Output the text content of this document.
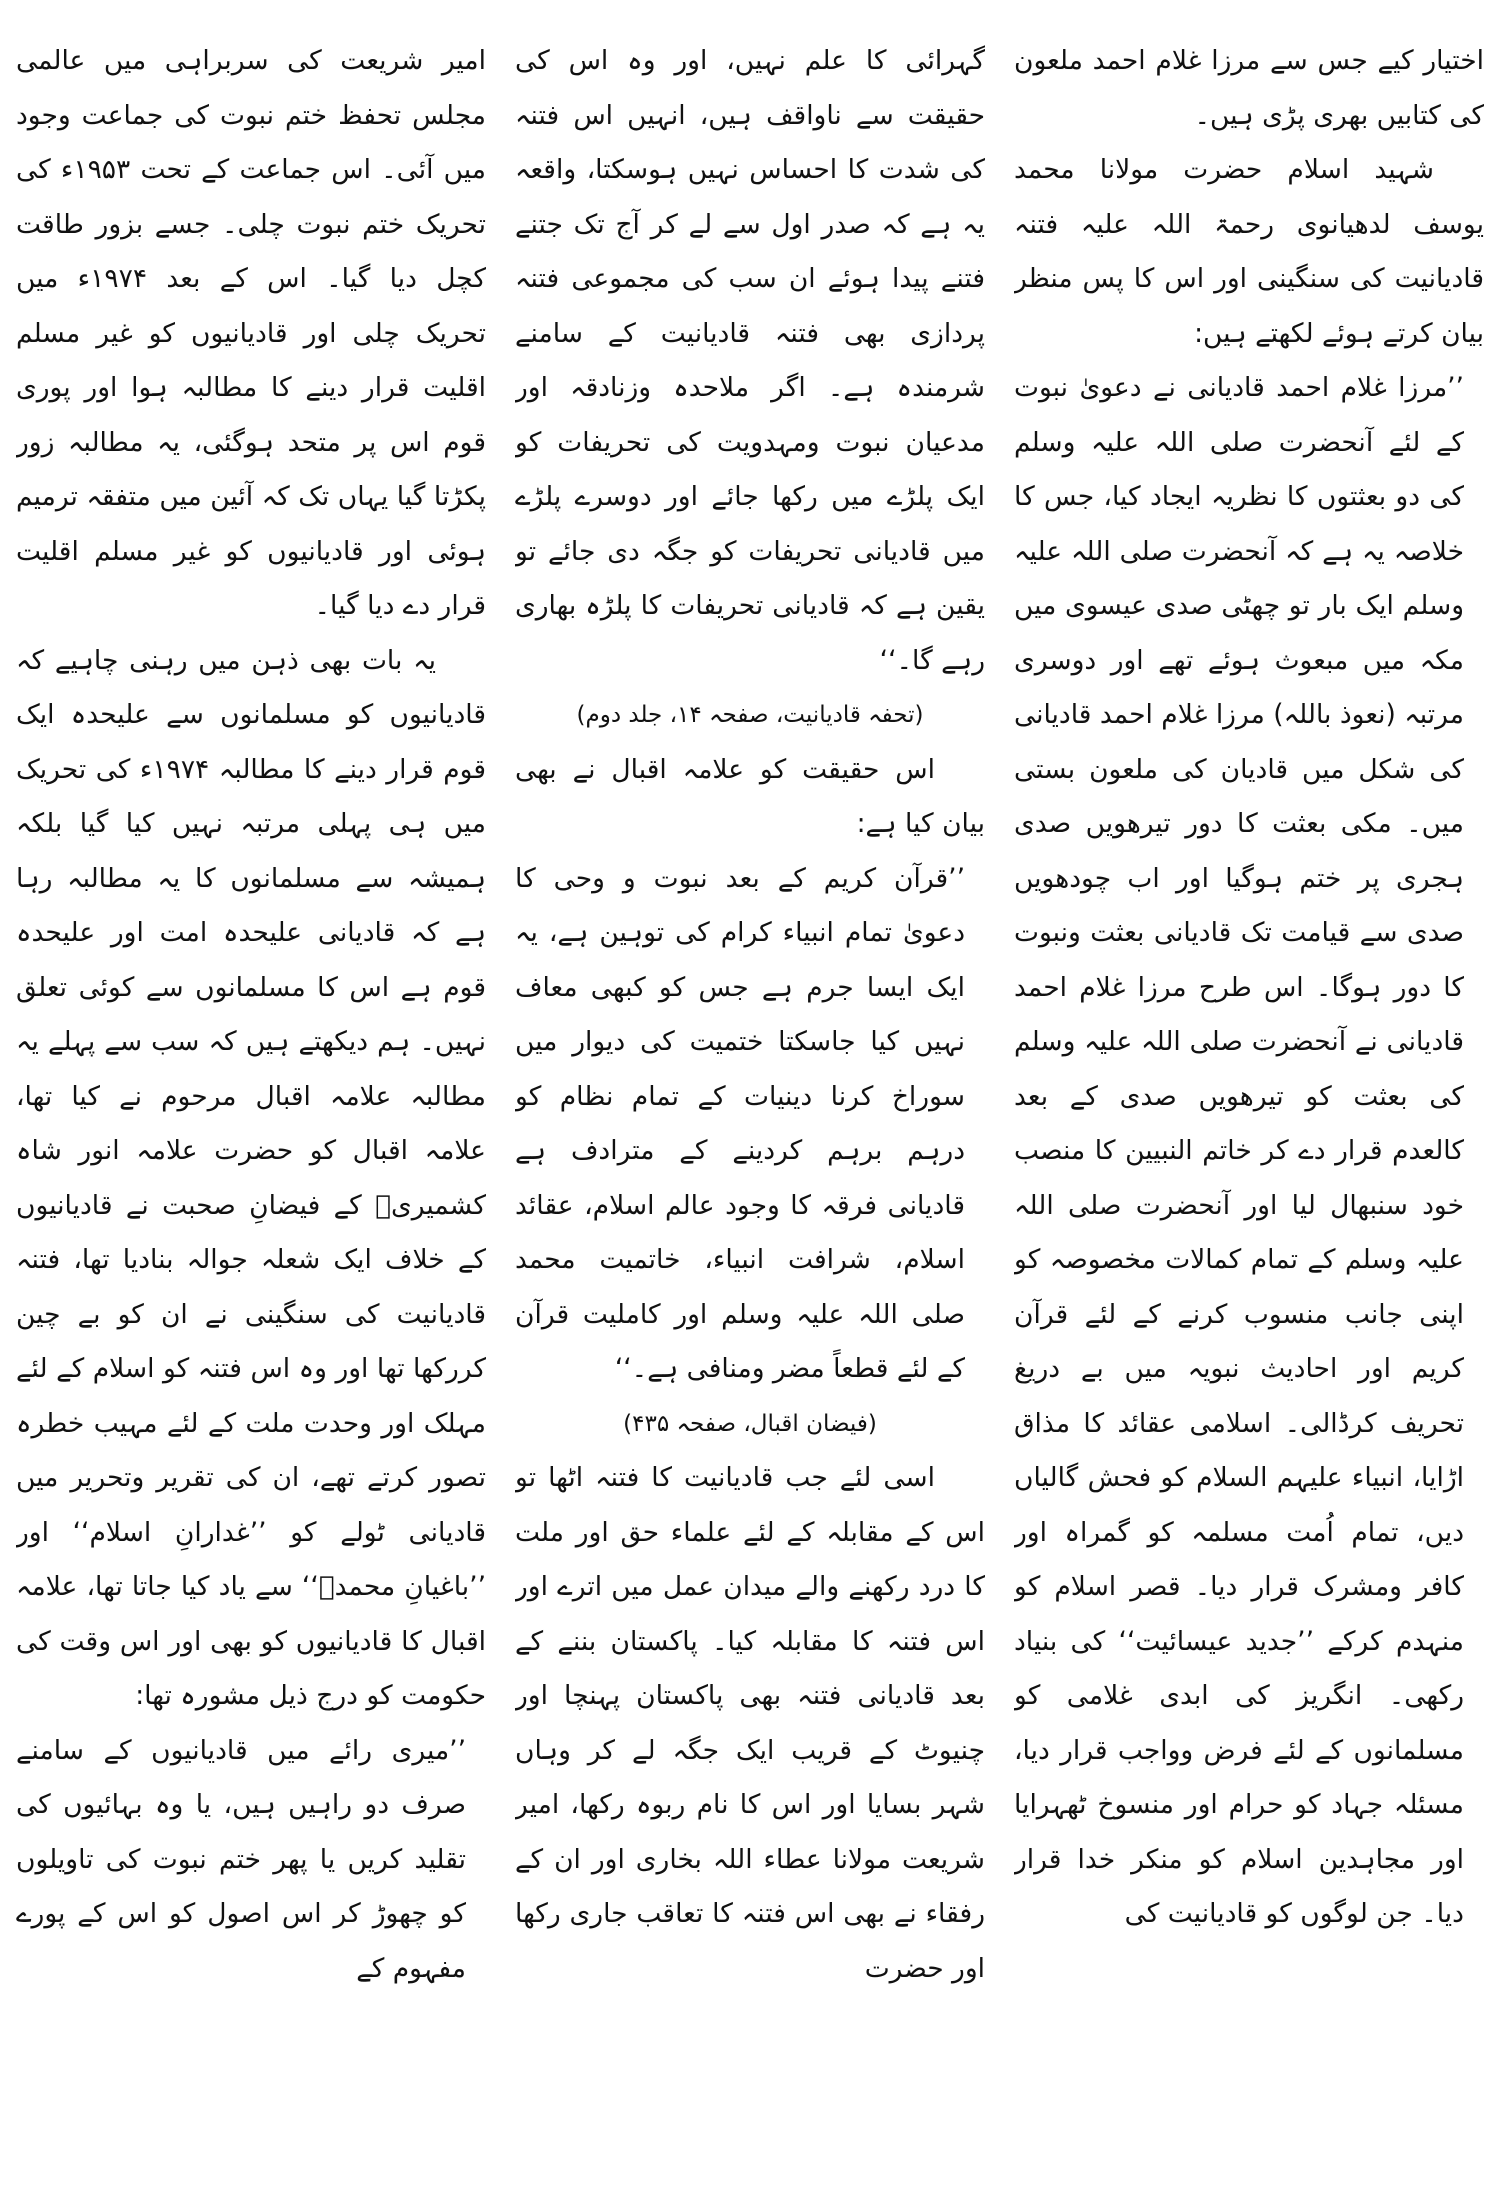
اختیار کیے جس سے مرزا غلام احمد ملعون کی کتابیں بھری پڑی ہیں۔

شہید اسلام حضرت مولانا محمد یوسف لدھیانوی رحمۃ اللہ علیہ فتنہ قادیانیت کی سنگینی اور اس کا پس منظر بیان کرتے ہوئے لکھتے ہیں:

’’مرزا غلام احمد قادیانی نے دعویٰ نبوت کے لئے آنحضرت صلی اللہ علیہ وسلم کی دو بعثتوں کا نظریہ ایجاد کیا، جس کا خلاصہ یہ ہے کہ آنحضرت صلی اللہ علیہ وسلم ایک بار تو چھٹی صدی عیسوی میں مکہ میں مبعوث ہوئے تھے اور دوسری مرتبہ (نعوذ باللہ) مرزا غلام احمد قادیانی کی شکل میں قادیان کی ملعون بستی میں۔ مکی بعثت کا دور تیرھویں صدی ہجری پر ختم ہوگیا اور اب چودھویں صدی سے قیامت تک قادیانی بعثت ونبوت کا دور ہوگا۔ اس طرح مرزا غلام احمد قادیانی نے آنحضرت صلی اللہ علیہ وسلم کی بعثت کو تیرھویں صدی کے بعد کالعدم قرار دے کر خاتم النبیین کا منصب خود سنبھال لیا اور آنحضرت صلی اللہ علیہ وسلم کے تمام کمالات مخصوصہ کو اپنی جانب منسوب کرنے کے لئے قرآن کریم اور احادیث نبویہ میں بے دریغ تحریف کرڈالی۔ اسلامی عقائد کا مذاق اڑایا، انبیاء علیہم السلام کو فحش گالیاں دیں، تمام اُمت مسلمہ کو گمراہ اور کافر ومشرک قرار دیا۔ قصر اسلام کو منہدم کرکے ’’جدید عیسائیت‘‘ کی بنیاد رکھی۔ انگریز کی ابدی غلامی کو مسلمانوں کے لئے فرض وواجب قرار دیا، مسئلہ جہاد کو حرام اور منسوخ ٹھہرایا اور مجاہدین اسلام کو منکر خدا قرار دیا۔ جن لوگوں کو قادیانیت کی

گہرائی کا علم نہیں، اور وہ اس کی حقیقت سے ناواقف ہیں، انہیں اس فتنہ کی شدت کا احساس نہیں ہوسکتا، واقعہ یہ ہے کہ صدر اول سے لے کر آج تک جتنے فتنے پیدا ہوئے ان سب کی مجموعی فتنہ پردازی بھی فتنہ قادیانیت کے سامنے شرمندہ ہے۔ اگر ملاحدہ وزنادقہ اور مدعیان نبوت ومہدویت کی تحریفات کو ایک پلڑے میں رکھا جائے اور دوسرے پلڑے میں قادیانی تحریفات کو جگہ دی جائے تو یقین ہے کہ قادیانی تحریفات کا پلڑہ بھاری رہے گا۔‘‘

(تحفہ قادیانیت، صفحہ ۱۴، جلد دوم)

اس حقیقت کو علامہ اقبال نے بھی بیان کیا ہے:

’’قرآن کریم کے بعد نبوت و وحی کا دعویٰ تمام انبیاء کرام کی توہین ہے، یہ ایک ایسا جرم ہے جس کو کبھی معاف نہیں کیا جاسکتا ختمیت کی دیوار میں سوراخ کرنا دینیات کے تمام نظام کو درہم برہم کردینے کے مترادف ہے قادیانی فرقہ کا وجود عالم اسلام، عقائد اسلام، شرافت انبیاء، خاتمیت محمد صلی اللہ علیہ وسلم اور کاملیت قرآن کے لئے قطعاً مضر ومنافی ہے۔‘‘

(فیضان اقبال، صفحہ ۴۳۵)

اسی لئے جب قادیانیت کا فتنہ اٹھا تو اس کے مقابلہ کے لئے علماء حق اور ملت کا درد رکھنے والے میدان عمل میں اترے اور اس فتنہ کا مقابلہ کیا۔ پاکستان بننے کے بعد قادیانی فتنہ بھی پاکستان پہنچا اور چنیوٹ کے قریب ایک جگہ لے کر وہاں شہر بسایا اور اس کا نام ربوہ رکھا، امیر شریعت مولانا عطاء اللہ بخاری اور ان کے رفقاء نے بھی اس فتنہ کا تعاقب جاری رکھا اور حضرت

امیر شریعت کی سربراہی میں عالمی مجلس تحفظ ختم نبوت کی جماعت وجود میں آئی۔ اس جماعت کے تحت ۱۹۵۳ء کی تحریک ختم نبوت چلی۔ جسے بزور طاقت کچل دیا گیا۔ اس کے بعد ۱۹۷۴ء میں تحریک چلی اور قادیانیوں کو غیر مسلم اقلیت قرار دینے کا مطالبہ ہوا اور پوری قوم اس پر متحد ہوگئی، یہ مطالبہ زور پکڑتا گیا یہاں تک کہ آئین میں متفقہ ترمیم ہوئی اور قادیانیوں کو غیر مسلم اقلیت قرار دے دیا گیا۔

یہ بات بھی ذہن میں رہنی چاہیے کہ قادیانیوں کو مسلمانوں سے علیحدہ ایک قوم قرار دینے کا مطالبہ ۱۹۷۴ء کی تحریک میں ہی پہلی مرتبہ نہیں کیا گیا بلکہ ہمیشہ سے مسلمانوں کا یہ مطالبہ رہا ہے کہ قادیانی علیحدہ امت اور علیحدہ قوم ہے اس کا مسلمانوں سے کوئی تعلق نہیں۔ ہم دیکھتے ہیں کہ سب سے پہلے یہ مطالبہ علامہ اقبال مرحوم نے کیا تھا، علامہ اقبال کو حضرت علامہ انور شاہ کشمیریؒ کے فیضانِ صحبت نے قادیانیوں کے خلاف ایک شعلہ جوالہ بنادیا تھا، فتنہ قادیانیت کی سنگینی نے ان کو بے چین کررکھا تھا اور وہ اس فتنہ کو اسلام کے لئے مہلک اور وحدت ملت کے لئے مہیب خطرہ تصور کرتے تھے، ان کی تقریر وتحریر میں قادیانی ٹولے کو ’’غدارانِ اسلام‘‘ اور ’’باغیانِ محمدؐ‘‘ سے یاد کیا جاتا تھا، علامہ اقبال کا قادیانیوں کو بھی اور اس وقت کی حکومت کو درج ذیل مشورہ تھا:

’’میری رائے میں قادیانیوں کے سامنے صرف دو راہیں ہیں، یا وہ بہائیوں کی تقلید کریں یا پھر ختم نبوت کی تاویلوں کو چھوڑ کر اس اصول کو اس کے پورے مفہوم کے
